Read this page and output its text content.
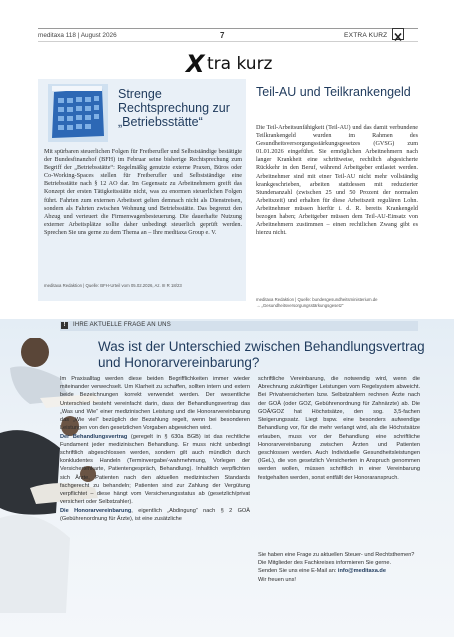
meditaxa 118 | August 2026	7	EXTRA KURZ
X tra kurz
Strenge Rechtsprechung zur „Betriebsstätte“
Mit spürbaren steuerlichen Folgen für Freiberufler und Selbstständige bestätigte der Bundesfinanzhof (BFH) im Februar seine bisherige Rechtsprechung zum Begriff der „Betriebsstätte“: Regelmäßig genutzte externe Praxen, Büros oder Co-Working-Spaces stellen für Freiberufler und Selbstständige eine Betriebsstätte nach § 12 AO dar. Im Gegensatz zu Arbeitnehmern greift das Konzept der ersten Tätigkeitsstätte nicht, was zu enormen steuerlichen Folgen führt. Fahrten zum externen Arbeitsort gelten demnach nicht als Dienstreisen, sondern als Fahrten zwischen Wohnung und Betriebsstätte. Das begrenzt den Abzug und verteuert die Firmenwagenbesteuerung. Die dauerhafte Nutzung externer Arbeitsplätze sollte daher unbedingt steuerlich geprüft werden. Sprechen Sie uns gerne zu dem Thema an – Ihre meditaxa Group e. V.
meditaxa Redaktion | Quelle: BFH-Urteil vom 05.02.2026, Az. III R 18/23
Teil-AU und Teilkrankengeld
Die Teil-Arbeitsunfähigkeit (Teil-AU) und das damit verbundene Teilkrankengeld wurden im Rahmen des Gesundheitsversorgungsstärkungsgesetzes (GVSG) zum 01.01.2026 eingeführt. Sie ermöglichen Arbeitnehmern nach langer Krankheit eine schrittweise, rechtlich abgesicherte Rückkehr in den Beruf, während Arbeitgeber entlastet werden. Arbeitnehmer sind mit einer Teil-AU nicht mehr vollständig krankgeschrieben, arbeiten stattdessen mit reduzierter Stundenanzahl (zwischen 25 und 50 Prozent der normalen Arbeitszeit) und erhalten für diese Arbeitszeit regulären Lohn. Arbeitnehmer müssen hierfür i. d. R. bereits Krankengeld bezogen haben; Arbeitgeber müssen dem Teil-AU-Einsatz von Arbeitnehmern zustimmen – einen rechtlichen Zwang gibt es hierzu nicht.
meditaxa Redaktion | Quelle: bundesgesundheitsministerium.de
→ „Gesundheitsversorgungsstärkungsgesetz“
!	IHRE AKTUELLE FRAGE AN UNS
Was ist der Unterschied zwischen Behandlungsvertrag und Honorarvereinbarung?
Im Praxisalltag werden diese beiden Begrifflichkeiten immer wieder miteinander verwechselt. Um Klarheit zu schaffen, sollten intern und extern beide Bezeichnungen korrekt verwendet werden. Der wesentliche Unterschied besteht vereinfacht darin, dass der Behandlungsvertrag das „Was und Wie“ einer medizinischen Leistung und die Honorarvereinbarung das „Wie viel“ bezüglich der Bezahlung regelt, wenn bei besonderen Leistungen von den gesetzlichen Vorgaben abgewichen wird.
Der Behandlungsvertrag (geregelt in § 630a BGB) ist das rechtliche Fundament jeder medizinischen Behandlung. Er muss nicht unbedingt schriftlich abgeschlossen werden, sondern gilt auch mündlich durch konkludentes Handeln (Terminvergabe/-wahrnehmung, Vorlegen der Versichertenkarte, Patientengespräch, Behandlung). Inhaltlich verpflichten sich Ärzte, Patienten nach den aktuellen medizinischen Standards fachgerecht zu behandeln; Patienten sind zur Zahlung der Vergütung verpflichtet – diese hängt vom Versicherungsstatus ab (gesetzlich/privat versichert oder Selbstzahler).
Die Honorarvereinbarung, eigentlich „Abdingung“ nach § 2 GOÄ (Gebührenordnung für Ärzte), ist eine zusätzliche
schriftliche Vereinbarung, die notwendig wird, wenn die Abrechnung zukünftiger Leistungen vom Regelsystem abweicht. Bei Privatversicherten bzw. Selbstzahlern rechnen Ärzte nach der GOÄ (oder GOZ, Gebührenordnung für Zahnärzte) ab. Die GOÄ/GOZ hat Höchstsätze, den sog. 3,5-fachen Steigerungssatz. Liegt bspw. eine besonders aufwendige Behandlung vor, für die mehr verlangt wird, als die Höchstsätze erlauben, muss vor der Behandlung eine schriftliche Honorarvereinbarung zwischen Ärzten und Patienten geschlossen werden. Auch Individuelle Gesundheitsleistungen (IGeL), die von gesetzlich Versicherten in Anspruch genommen werden wollen, müssen schriftlich in einer Vereinbarung festgehalten werden, sonst entfällt der Honoraranspruch.
Sie haben eine Frage zu aktuellen Steuer- und Rechtsthemen? Die Mitglieder des Fachkreises informieren Sie gerne.
Senden Sie uns eine E-Mail an: info@meditaxa.de
Wir freuen uns!
